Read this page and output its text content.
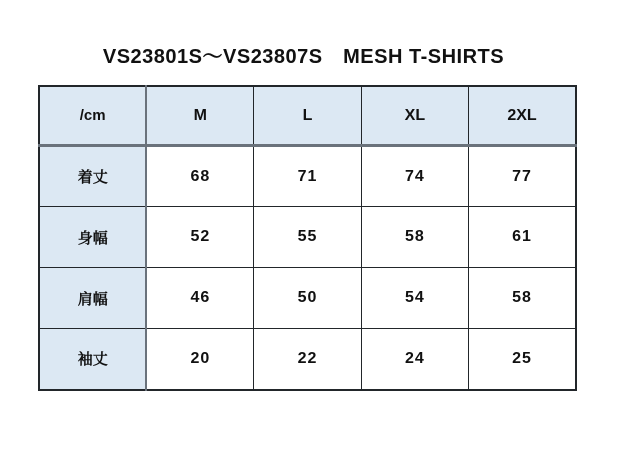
VS23801S～VS23807S　MESH T-SHIRTS
/cm	M	L	XL	2XL
着丈	68	71	74	77
身幅	52	55	58	61
肩幅	46	50	54	58
袖丈	20	22	24	25
